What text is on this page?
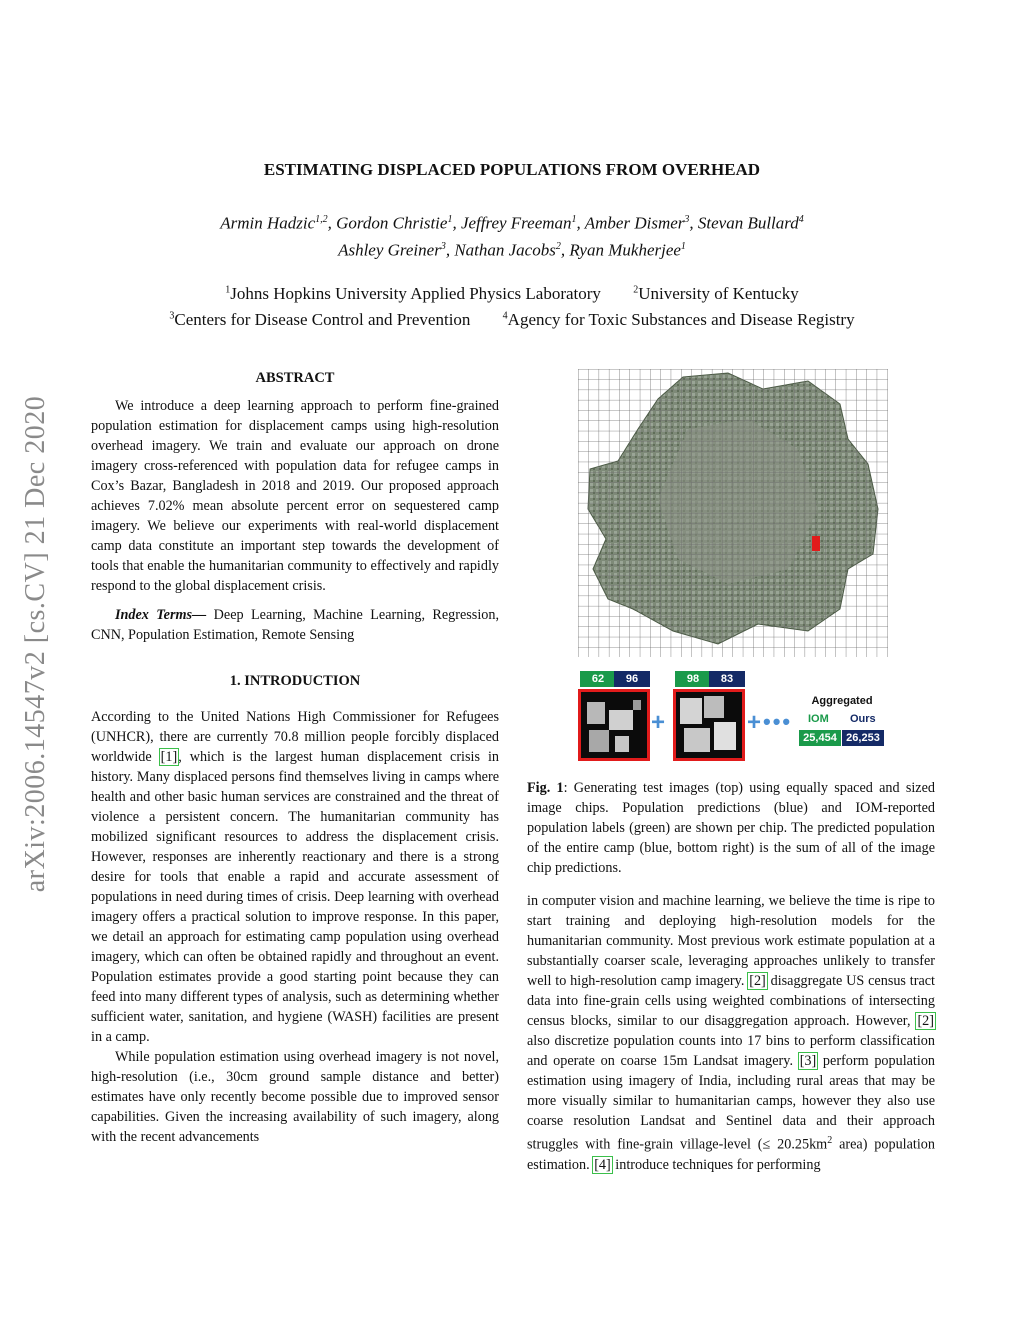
arXiv:2006.14547v2 [cs.CV] 21 Dec 2020
ESTIMATING DISPLACED POPULATIONS FROM OVERHEAD
Armin Hadzic$^{1,2}$, Gordon Christie$^1$, Jeffrey Freeman$^1$, Amber Dismer$^3$, Stevan Bullard$^4$
Ashley Greiner$^3$, Nathan Jacobs$^2$, Ryan Mukherjee$^1$
$^1$Johns Hopkins University Applied Physics Laboratory	$^2$University of Kentucky
$^3$Centers for Disease Control and Prevention	$^4$Agency for Toxic Substances and Disease Registry
ABSTRACT

We introduce a deep learning approach to perform fine-grained population estimation for displacement camps using high-resolution overhead imagery. We train and evaluate our approach on drone imagery cross-referenced with population data for refugee camps in Cox’s Bazar, Bangladesh in 2018 and 2019. Our proposed approach achieves 7.02% mean absolute percent error on sequestered camp imagery. We believe our experiments with real-world displacement camp data constitute an important step towards the development of tools that enable the humanitarian community to effectively and rapidly respond to the global displacement crisis.

Index Terms— Deep Learning, Machine Learning, Regression, CNN, Population Estimation, Remote Sensing

1. INTRODUCTION

According to the United Nations High Commissioner for Refugees (UNHCR), there are currently 70.8 million people forcibly displaced worldwide [1], which is the largest human displacement crisis in history. Many displaced persons find themselves living in camps where health and other basic human services are constrained and the threat of violence a persistent concern. The humanitarian community has mobilized significant resources to address the displacement crisis. However, responses are inherently reactionary and there is a strong desire for tools that enable a rapid and accurate assessment of populations in need during times of crisis. Deep learning with overhead imagery offers a practical solution to improve response. In this paper, we detail an approach for estimating camp population using overhead imagery, which can often be obtained rapidly and throughout an event. Population estimates provide a good starting point because they can feed into many different types of analysis, such as determining whether sufficient water, sanitation, and hygiene (WASH) facilities are present in a camp.

While population estimation using overhead imagery is not novel, high-resolution (i.e., 30cm ground sample distance and better) estimates have only recently become possible due to improved sensor capabilities. Given the increasing availability of such imagery, along with the recent advancements

62	96
+
98	83
+ •••
Aggregated
IOM Ours
25,454 26,253

Fig. 1: Generating test images (top) using equally spaced and sized image chips. Population predictions (blue) and IOM-reported population labels (green) are shown per chip. The predicted population of the entire camp (blue, bottom right) is the sum of all of the image chip predictions.

in computer vision and machine learning, we believe the time is ripe to start training and deploying high-resolution models for the humanitarian community. Most previous work estimate population at a substantially coarser scale, leveraging approaches unlikely to transfer well to high-resolution camp imagery. [2] disaggregate US census tract data into fine-grain cells using weighted combinations of intersecting census blocks, similar to our disaggregation approach. However, [2] also discretize population counts into 17 bins to perform classification and operate on coarse 15m Landsat imagery. [3] perform population estimation using imagery of India, including rural areas that may be more visually similar to humanitarian camps, however they also use coarse resolution Landsat and Sentinel data and their approach struggles with fine-grain village-level (≤ $20.25km^2$ area) population estimation. [4] introduce techniques for performing
